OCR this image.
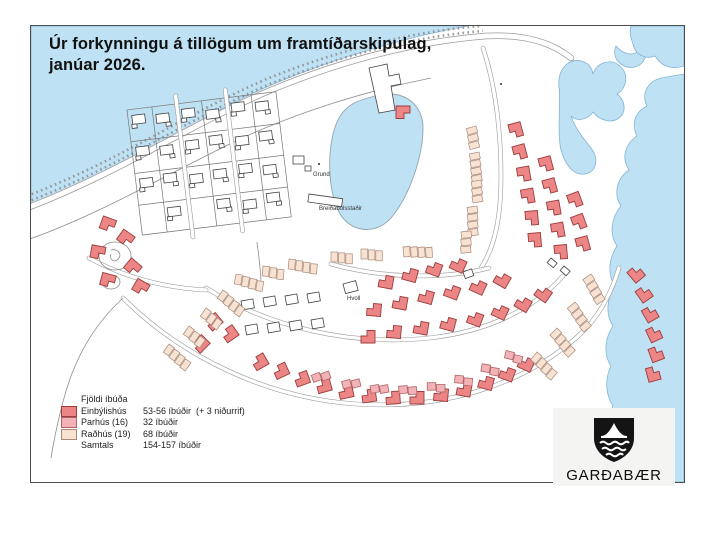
Grund
Breiðabólsstaðir
Hvoll
Úr forkynningu á tillögum um framtíðarskipulag,
janúar 2026.
Fjöldi íbúða
Einbýlishús	53-56 íbúðir  (+ 3 niðurrif)
Parhús (16)	32 íbúðir
Raðhús (19)	68 íbúðir
Samtals	154-157 íbúðir
GARÐABÆR
